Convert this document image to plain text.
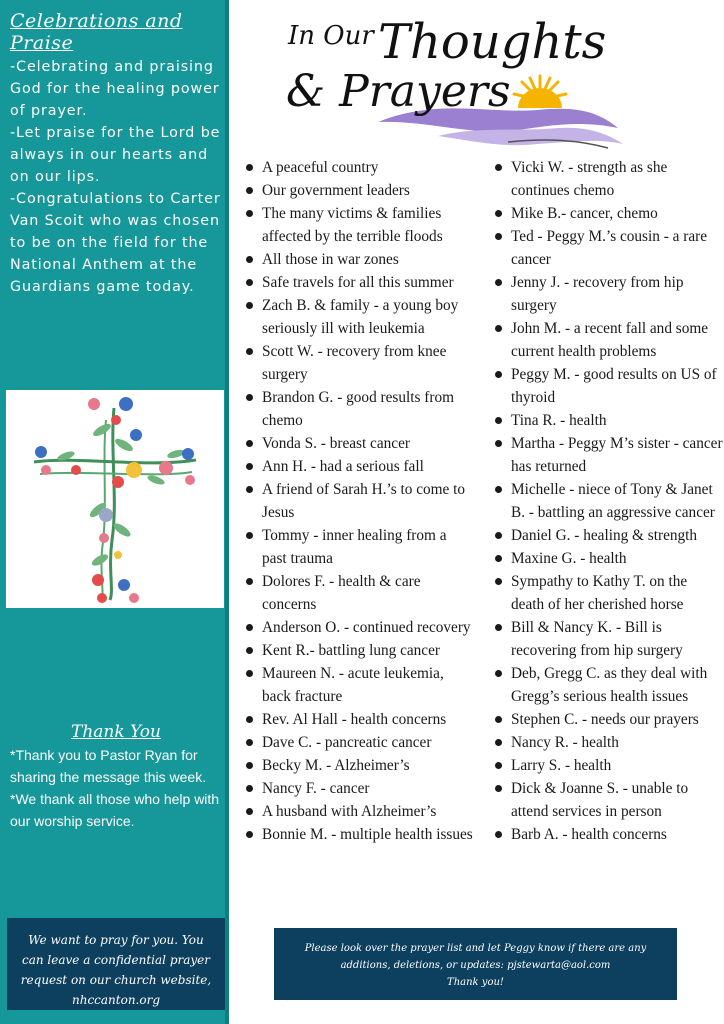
Celebrations and Praise

-Celebrating and praising God for the healing power of prayer.

-Let praise for the Lord be always in our hearts and on our lips.

-Congratulations to Carter Van Scoit who was chosen to be on the field for the National Anthem at the Guardians game today.

Thank You

*Thank you to Pastor Ryan for sharing the message this week.

*We thank all those who help with our worship service.

We want to pray for you. You can leave a confidential prayer request on our church website, nhccanton.org
In Our Thoughts
& Prayers
A peaceful country
Our government leaders
The many victims & families affected by the terrible floods
All those in war zones
Safe travels for all this summer
Zach B. & family - a young boy seriously ill with leukemia
Scott W. - recovery from knee surgery
Brandon G. - good results from chemo
Vonda S. - breast cancer
Ann H. - had a serious fall
A friend of Sarah H.’s to come to Jesus
Tommy - inner healing from a past trauma
Dolores F. - health & care concerns
Anderson O. - continued recovery
Kent R.- battling lung cancer
Maureen N. - acute leukemia, back fracture
Rev. Al Hall - health concerns
Dave C. - pancreatic cancer
Becky M. - Alzheimer’s
Nancy F. - cancer
A husband with Alzheimer’s
Bonnie M. - multiple health issues
Vicki W. - strength as she continues chemo
Mike B.- cancer, chemo
Ted - Peggy M.’s cousin - a rare cancer
Jenny J. - recovery from hip surgery
John M. - a recent fall and some current health problems
Peggy M. - good results on US of thyroid
Tina R. - health
Martha - Peggy M’s sister - cancer has returned
Michelle - niece of Tony & Janet B. - battling an aggressive cancer
Daniel G. - healing & strength
Maxine G. - health
Sympathy to Kathy T. on the death of her cherished horse
Bill & Nancy K. - Bill is recovering from hip surgery
Deb, Gregg C. as they deal with Gregg’s serious health issues
Stephen C. - needs our prayers
Nancy R. - health
Larry S. - health
Dick & Joanne S. - unable to attend services in person
Barb A. - health concerns
Please look over the prayer list and let Peggy know if there are any additions, deletions, or updates: pjstewarta@aol.com
Thank you!
